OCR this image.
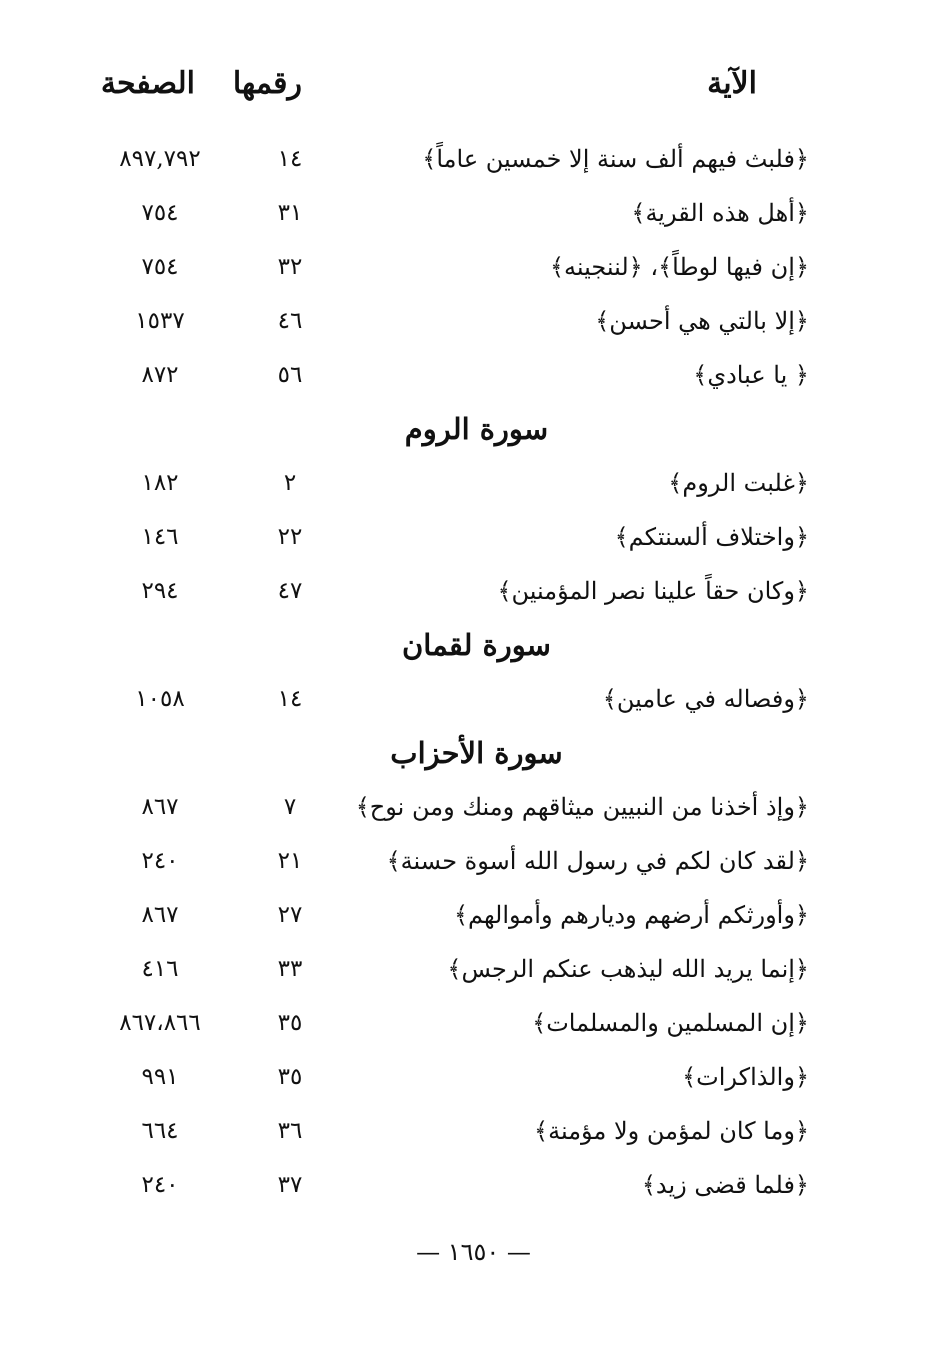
الآية
رقمها
الصفحة
﴿فلبث فيهم ألف سنة إلا خمسين عاماً﴾
١٤
٨٩٧,٧٩٢
﴿أهل هذه القرية﴾
٣١
٧٥٤
﴿إن فيها لوطاً﴾، ﴿لننجينه﴾
٣٢
٧٥٤
﴿إلا بالتي هي أحسن﴾
٤٦
١٥٣٧
﴿ يا عبادي﴾
٥٦
٨٧٢
سورة الروم
﴿غلبت الروم﴾
٢
١٨٢
﴿واختلاف ألسنتكم﴾
٢٢
١٤٦
﴿وكان حقاً علينا نصر المؤمنين﴾
٤٧
٢٩٤
سورة لقمان
﴿وفصاله في عامين﴾
١٤
١٠٥٨
سورة الأحزاب
﴿وإذ أخذنا من النبيين ميثاقهم ومنك ومن نوح﴾
٧
٨٦٧
﴿لقد كان لكم في رسول الله أسوة حسنة﴾
٢١
٢٤٠
﴿وأورثكم أرضهم وديارهم وأموالهم﴾
٢٧
٨٦٧
﴿إنما يريد الله ليذهب عنكم الرجس﴾
٣٣
٤١٦
﴿إن المسلمين والمسلمات﴾
٣٥
٨٦٧،٨٦٦
﴿والذاكرات﴾
٣٥
٩٩١
﴿وما كان لمؤمن ولا مؤمنة﴾
٣٦
٦٦٤
﴿فلما قضى زيد﴾
٣٧
٢٤٠
— ١٦٥٠ —
